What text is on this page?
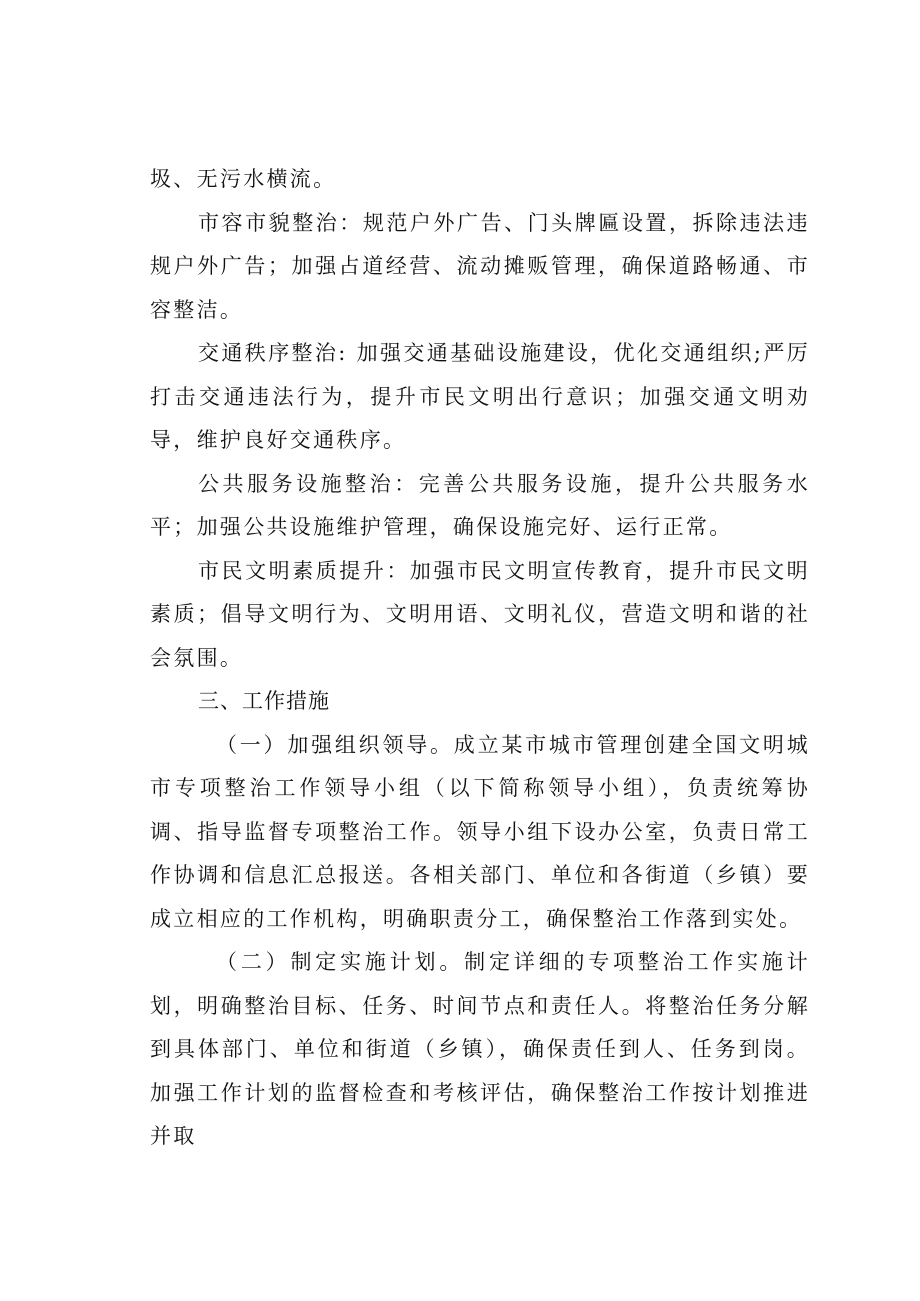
圾、无污水横流。

市容市貌整治：规范户外广告、门头牌匾设置，拆除违法违规户外广告；加强占道经营、流动摊贩管理，确保道路畅通、市容整洁。

交通秩序整治: 加强交通基础设施建设，优化交通组织;严厉打击交通违法行为，提升市民文明出行意识；加强交通文明劝导，维护良好交通秩序。

公共服务设施整治：完善公共服务设施，提升公共服务水平；加强公共设施维护管理，确保设施完好、运行正常。

市民文明素质提升：加强市民文明宣传教育，提升市民文明素质；倡导文明行为、文明用语、文明礼仪，营造文明和谐的社会氛围。

三、工作措施

（一）加强组织领导。成立某市城市管理创建全国文明城市专项整治工作领导小组（以下简称领导小组），负责统筹协调、指导监督专项整治工作。领导小组下设办公室，负责日常工作协调和信息汇总报送。各相关部门、单位和各街道（乡镇）要成立相应的工作机构，明确职责分工，确保整治工作落到实处。

（二）制定实施计划。制定详细的专项整治工作实施计划，明确整治目标、任务、时间节点和责任人。将整治任务分解到具体部门、单位和街道（乡镇），确保责任到人、任务到岗。加强工作计划的监督检查和考核评估，确保整治工作按计划推进并取
